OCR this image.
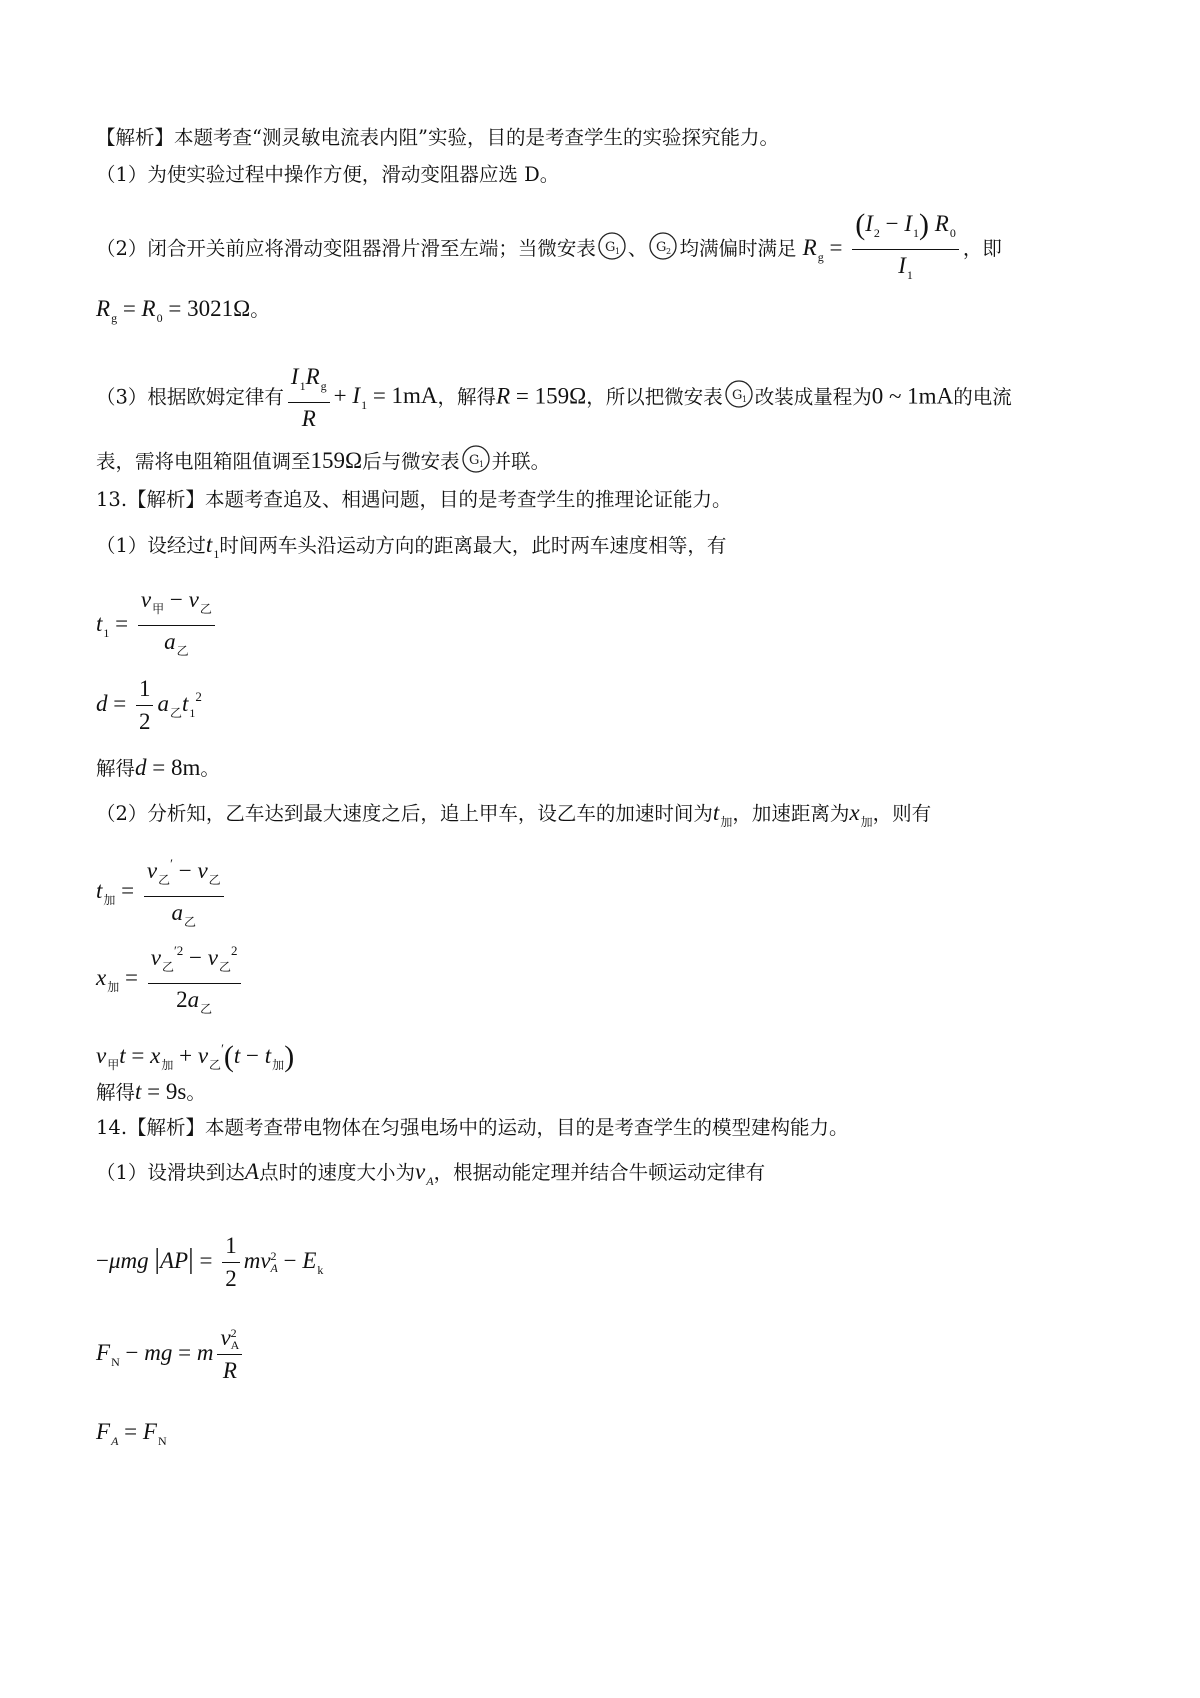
【解析】本题考查“测灵敏电流表内阻”实验，目的是考查学生的实验探究能力。
（1）为使实验过程中操作方便，滑动变阻器应选 D。
（2）闭合开关前应将滑动变阻器滑片滑至左端；当微安表 G 1 、 G 2 均满偏时满足 $R_g = \frac{(I_2 - I_1) R_0}{I_1}$ ，即
$R_g = R_0 = 3021\Omega$。
（3）根据欧姆定律有 $\frac{I_1R_g}{R} + I_1 = 1mA$，解得R = 159Ω，所以把微安表 G 1 改装成量程为0 ~ 1mA的电流
表，需将电阻箱阻值调至159Ω后与微安表 G 1 并联。
13.【解析】本题考查追及、相遇问题，目的是考查学生的推理论证能力。
（1）设经过$t_1$时间两车头沿运动方向的距离最大，此时两车速度相等，有
$t_1 = \frac{v_甲 - v_乙}{a_乙}$
$d = \frac{1}{2} a_乙t_1^2$
解得d = 8m。
（2）分析知，乙车达到最大速度之后，追上甲车，设乙车的加速时间为$t_加$，加速距离为$x_加$，则有
$t_加 = \frac{v_乙' - v_乙}{a_乙}$
$x_加 = \frac{v_乙^{'2} - v_乙^2}{2a_乙}$
$v_甲t = x_加 + v_乙'(t - t_加)$
解得t = 9s。
14.【解析】本题考查带电物体在匀强电场中的运动，目的是考查学生的模型建构能力。
（1）设滑块到达A点时的速度大小为$v_A$，根据动能定理并结合牛顿运动定律有
−μmg $|AP| = \frac{1}{2}$ mv 2
$A - E_k$
$F_N$ − mg = m v 2
A
R
$F_A = F_N$
